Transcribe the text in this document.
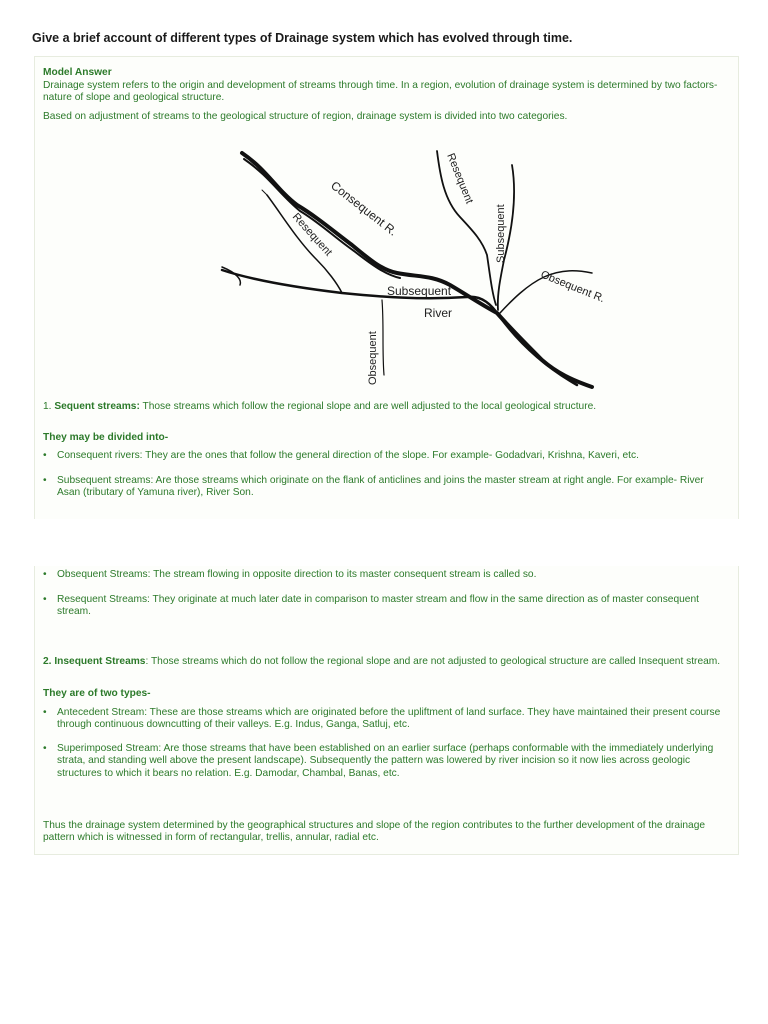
Give a brief account of different types of Drainage system which has evolved through time.
Model Answer
Drainage system refers to the origin and development of streams through time. In a region, evolution of drainage system is determined by two factors- nature of slope and geological structure.
Based on adjustment of streams to the geological structure of region, drainage system is divided into two categories.
Consequent R.
Resequent
Resequent
Subsequent
Subsequent
River
Obsequent R.
Obsequent
1. Sequent streams: Those streams which follow the regional slope and are well adjusted to the local geological structure.
They may be divided into-
• Consequent rivers: They are the ones that follow the general direction of the slope. For example- Godadvari, Krishna, Kaveri, etc.
• Subsequent streams: Are those streams which originate on the flank of anticlines and joins the master stream at right angle. For example- River Asan (tributary of Yamuna river), River Son.
• Obsequent Streams: The stream flowing in opposite direction to its master consequent stream is called so.
• Resequent Streams: They originate at much later date in comparison to master stream and flow in the same direction as of master consequent stream.
2. Insequent Streams: Those streams which do not follow the regional slope and are not adjusted to geological structure are called Insequent stream.
They are of two types-
• Antecedent Stream: These are those streams which are originated before the upliftment of land surface. They have maintained their present course through continuous downcutting of their valleys. E.g. Indus, Ganga, Satluj, etc.
• Superimposed Stream: Are those streams that have been established on an earlier surface (perhaps conformable with the immediately underlying strata, and standing well above the present landscape). Subsequently the pattern was lowered by river incision so it now lies across geologic structures to which it bears no relation. E.g. Damodar, Chambal, Banas, etc.
Thus the drainage system determined by the geographical structures and slope of the region contributes to the further development of the drainage pattern which is witnessed in form of rectangular, trellis, annular, radial etc.
